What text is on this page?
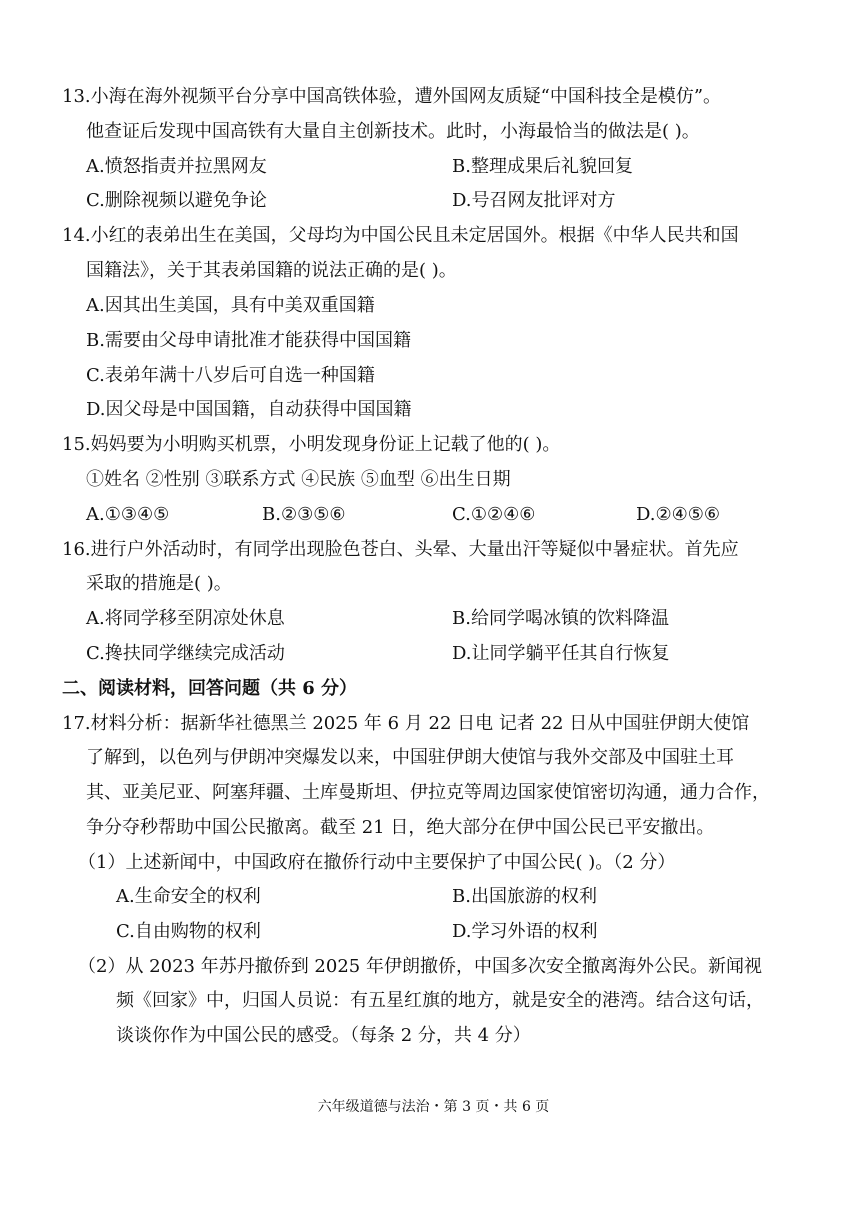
13.小海在海外视频平台分享中国高铁体验，遭外国网友质疑“中国科技全是模仿”。
他查证后发现中国高铁有大量自主创新技术。此时，小海最恰当的做法是( )。
A.愤怒指责并拉黑网友	B.整理成果后礼貌回复
C.删除视频以避免争论	D.号召网友批评对方
14.小红的表弟出生在美国，父母均为中国公民且未定居国外。根据《中华人民共和国
国籍法》，关于其表弟国籍的说法正确的是( )。
A.因其出生美国，具有中美双重国籍
B.需要由父母申请批准才能获得中国国籍
C.表弟年满十八岁后可自选一种国籍
D.因父母是中国国籍，自动获得中国国籍
15.妈妈要为小明购买机票，小明发现身份证上记载了他的( )。
①姓名 ②性别 ③联系方式 ④民族 ⑤血型 ⑥出生日期
A.①③④⑤	B.②③⑤⑥	C.①②④⑥	D.②④⑤⑥
16.进行户外活动时，有同学出现脸色苍白、头晕、大量出汗等疑似中暑症状。首先应
采取的措施是( )。
A.将同学移至阴凉处休息	B.给同学喝冰镇的饮料降温
C.搀扶同学继续完成活动	D.让同学躺平任其自行恢复
二、阅读材料，回答问题（共 6 分）
17.材料分析：据新华社德黑兰 2025 年 6 月 22 日电 记者 22 日从中国驻伊朗大使馆
了解到，以色列与伊朗冲突爆发以来，中国驻伊朗大使馆与我外交部及中国驻土耳
其、亚美尼亚、阿塞拜疆、土库曼斯坦、伊拉克等周边国家使馆密切沟通，通力合作，
争分夺秒帮助中国公民撤离。截至 21 日，绝大部分在伊中国公民已平安撤出。
（1）上述新闻中，中国政府在撤侨行动中主要保护了中国公民( )。（2 分）
A.生命安全的权利	B.出国旅游的权利
C.自由购物的权利	D.学习外语的权利
（2）从 2023 年苏丹撤侨到 2025 年伊朗撤侨，中国多次安全撤离海外公民。新闻视
频《回家》中，归国人员说：有五星红旗的地方，就是安全的港湾。结合这句话，
谈谈你作为中国公民的感受。（每条 2 分，共 4 分）
六年级道德与法治・第 3 页・共 6 页
